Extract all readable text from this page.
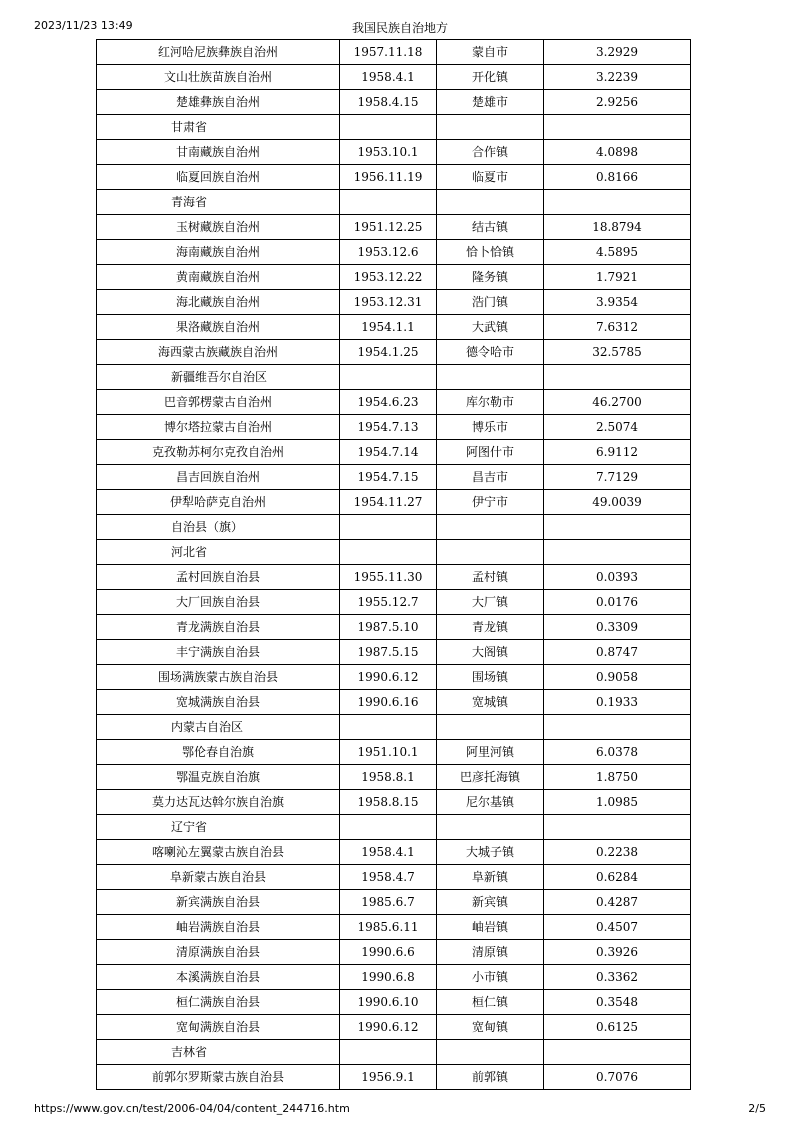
2023/11/23 13:49	我国民族自治地方
红河哈尼族彝族自治州	1957.11.18	蒙自市	3.2929
文山壮族苗族自治州	1958.4.1	开化镇	3.2239
楚雄彝族自治州	1958.4.15	楚雄市	2.9256
甘肃省			
甘南藏族自治州	1953.10.1	合作镇	4.0898
临夏回族自治州	1956.11.19	临夏市	0.8166
青海省			
玉树藏族自治州	1951.12.25	结古镇	18.8794
海南藏族自治州	1953.12.6	恰卜恰镇	4.5895
黄南藏族自治州	1953.12.22	隆务镇	1.7921
海北藏族自治州	1953.12.31	浩门镇	3.9354
果洛藏族自治州	1954.1.1	大武镇	7.6312
海西蒙古族藏族自治州	1954.1.25	德令哈市	32.5785
新疆维吾尔自治区			
巴音郭楞蒙古自治州	1954.6.23	库尔勒市	46.2700
博尔塔拉蒙古自治州	1954.7.13	博乐市	2.5074
克孜勒苏柯尔克孜自治州	1954.7.14	阿图什市	6.9112
昌吉回族自治州	1954.7.15	昌吉市	7.7129
伊犁哈萨克自治州	1954.11.27	伊宁市	49.0039
自治县（旗）			
河北省			
孟村回族自治县	1955.11.30	孟村镇	0.0393
大厂回族自治县	1955.12.7	大厂镇	0.0176
青龙满族自治县	1987.5.10	青龙镇	0.3309
丰宁满族自治县	1987.5.15	大阁镇	0.8747
围场满族蒙古族自治县	1990.6.12	围场镇	0.9058
宽城满族自治县	1990.6.16	宽城镇	0.1933
内蒙古自治区			
鄂伦春自治旗	1951.10.1	阿里河镇	6.0378
鄂温克族自治旗	1958.8.1	巴彦托海镇	1.8750
莫力达瓦达斡尔族自治旗	1958.8.15	尼尔基镇	1.0985
辽宁省			
喀喇沁左翼蒙古族自治县	1958.4.1	大城子镇	0.2238
阜新蒙古族自治县	1958.4.7	阜新镇	0.6284
新宾满族自治县	1985.6.7	新宾镇	0.4287
岫岩满族自治县	1985.6.11	岫岩镇	0.4507
清原满族自治县	1990.6.6	清原镇	0.3926
本溪满族自治县	1990.6.8	小市镇	0.3362
桓仁满族自治县	1990.6.10	桓仁镇	0.3548
宽甸满族自治县	1990.6.12	宽甸镇	0.6125
吉林省			
前郭尔罗斯蒙古族自治县	1956.9.1	前郭镇	0.7076
https://www.gov.cn/test/2006-04/04/content_244716.htm	2/5
